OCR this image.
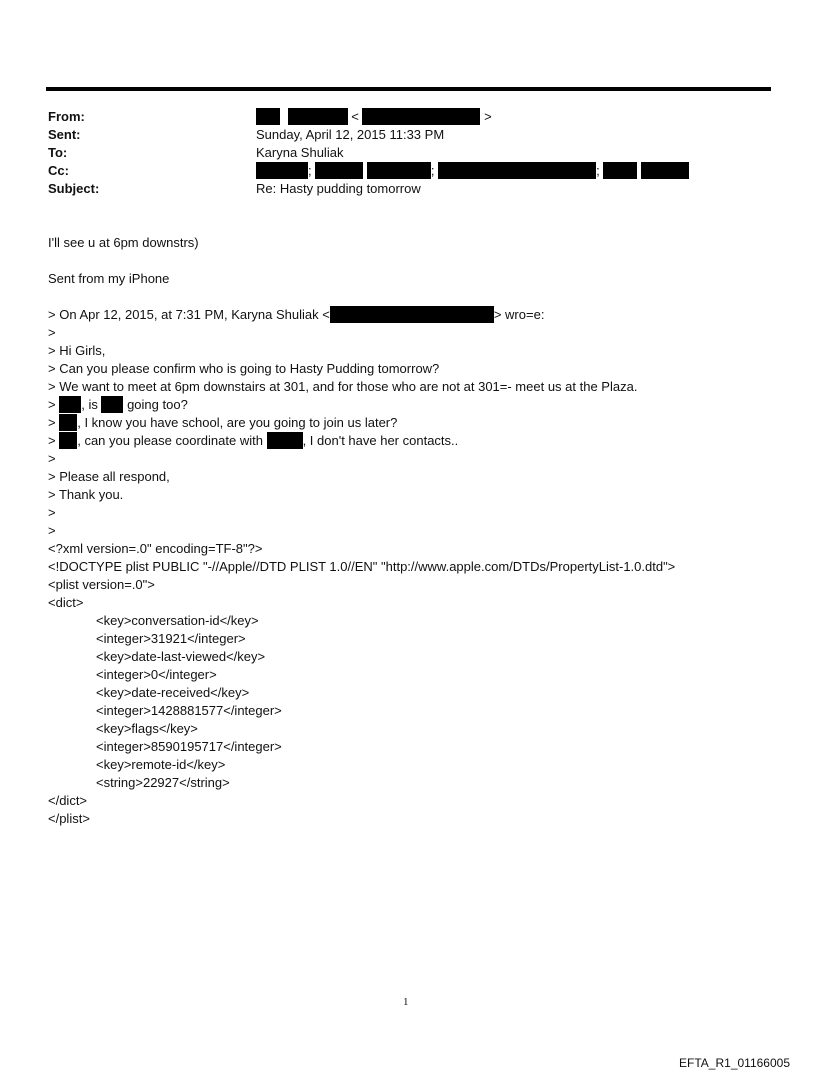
From:	<	>
Sent:	Sunday, April 12, 2015 11:33 PM
To:	Karyna Shuliak
Cc:	;	;	;
Subject:	Re: Hasty pudding tomorrow
I'll see u at 6pm downstrs)
Sent from my iPhone
> On Apr 12, 2015, at 7:31 PM, Karyna Shuliak <	> wro=e:
>
> Hi Girls,
> Can you please confirm who is going to Hasty Pudding tomorrow?
> We want to meet at 6pm downstairs at 301, and for those who are not at 301=- meet us at the Plaza.
> , is  going too?
> , I know you have school, are you going to join us later?
> , can you please coordinate with	, I don't have her contacts..
>
> Please all respond,
> Thank you.
>
>
<?xml version=.0" encoding=TF-8"?>
<!DOCTYPE plist PUBLIC "-//Apple//DTD PLIST 1.0//EN" "http://www.apple.com/DTDs/PropertyList-1.0.dtd">
<plist version=.0">
<dict>
<key>conversation-id</key>
<integer>31921</integer>
<key>date-last-viewed</key>
<integer>0</integer>
<key>date-received</key>
<integer>1428881577</integer>
<key>flags</key>
<integer>8590195717</integer>
<key>remote-id</key>
<string>22927</string>
</dict>
</plist>
1
EFTA_R1_01166005
